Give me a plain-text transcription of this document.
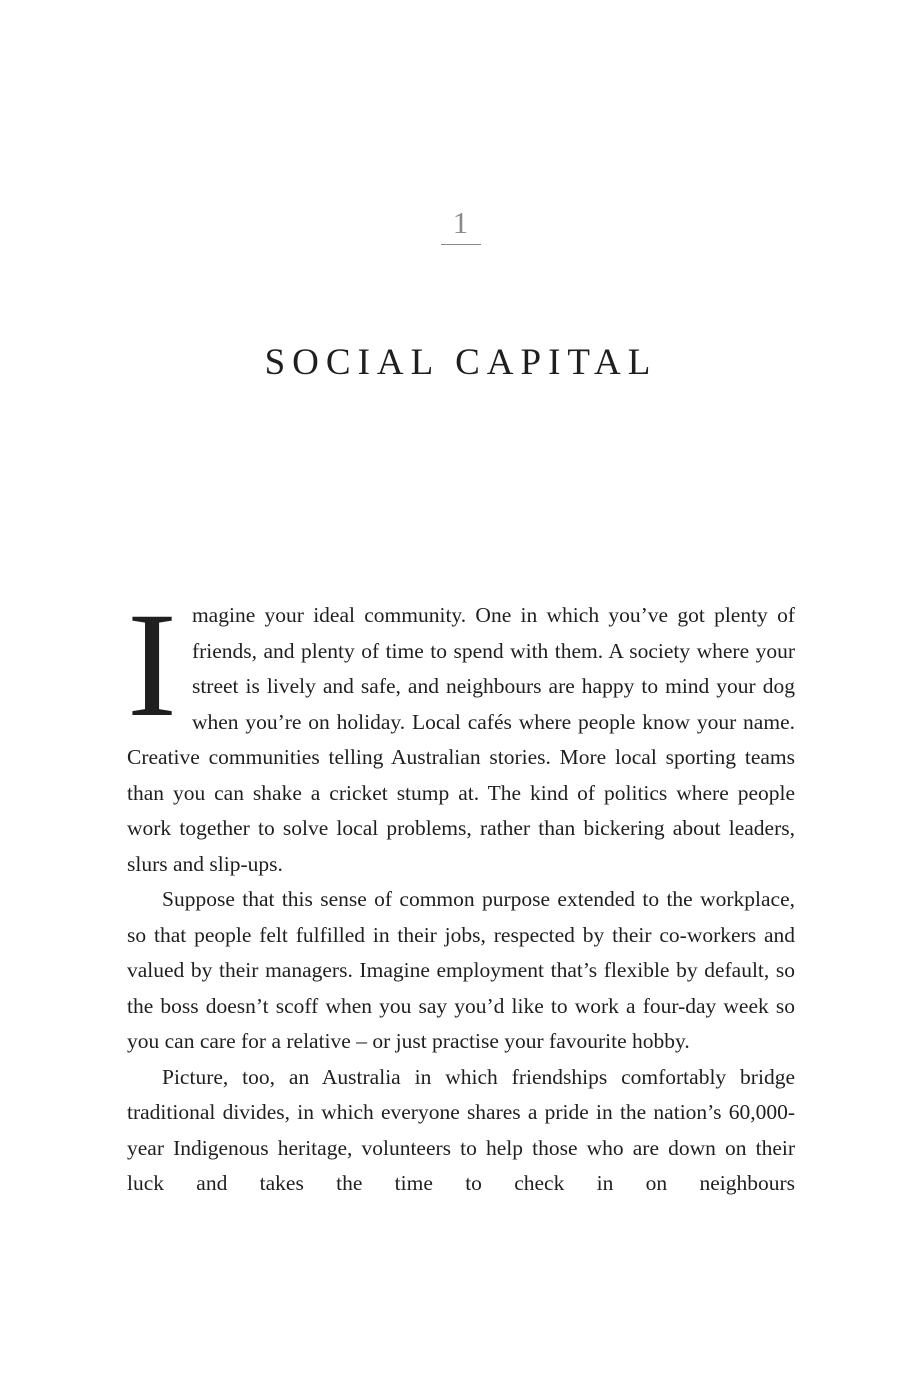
1
SOCIAL CAPITAL

Imagine your ideal community. One in which you’ve got plenty of friends, and plenty of time to spend with them. A society where your street is lively and safe, and neighbours are happy to mind your dog when you’re on holiday. Local cafés where people know your name. Creative communities telling Australian stories. More local sporting teams than you can shake a cricket stump at. The kind of politics where people work together to solve local problems, rather than bickering about leaders, slurs and slip-ups.

Suppose that this sense of common purpose extended to the workplace, so that people felt fulfilled in their jobs, respected by their co-workers and valued by their managers. Imagine employment that’s flexible by default, so the boss doesn’t scoff when you say you’d like to work a four-day week so you can care for a relative – or just practise your favourite hobby.

Picture, too, an Australia in which friendships comfortably bridge traditional divides, in which everyone shares a pride in the nation’s 60,000-year Indigenous heritage, volunteers to help those who are down on their luck and takes the time to check in on neighbours
